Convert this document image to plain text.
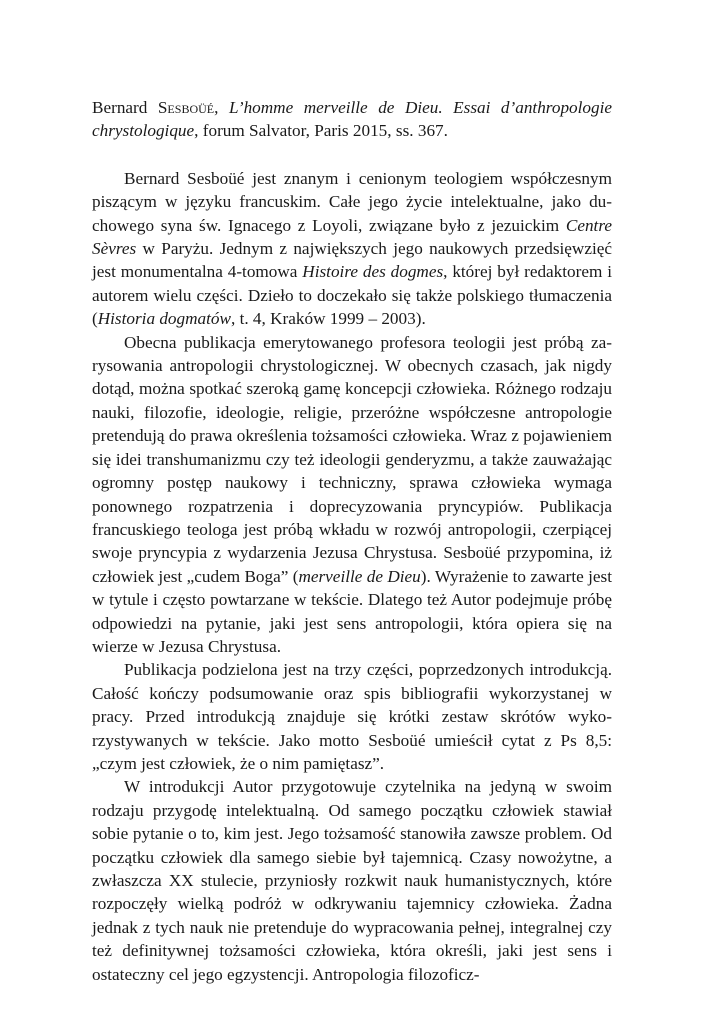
Bernard Sesboüé, L’homme merveille de Dieu. Essai d’anthropologie chrystologique, forum Salvator, Paris 2015, ss. 367.

Bernard Sesboüé jest znanym i cenionym teologiem współczesnym piszącym w języku francuskim. Całe jego życie intelektualne, jako duchowego syna św. Ignacego z Loyoli, związane było z jezuickim Centre Sèvres w Paryżu. Jednym z największych jego naukowych przedsięwzięć jest monumentalna 4-tomowa Histoire des dogmes, której był redaktorem i autorem wielu części. Dzieło to doczekało się także polskiego tłumaczenia (Historia dogmatów, t. 4, Kraków 1999 – 2003).

Obecna publikacja emerytowanego profesora teologii jest próbą zarysowania antropologii chrystologicznej. W obecnych czasach, jak nigdy dotąd, można spotkać szeroką gamę koncepcji człowieka. Różnego rodzaju nauki, filozofie, ideologie, religie, przeróżne współczesne antropologie pretendują do prawa określenia tożsamości człowieka. Wraz z pojawieniem się idei transhumanizmu czy też ideologii genderyzmu, a także zauważając ogromny postęp naukowy i techniczny, sprawa człowieka wymaga ponownego rozpatrzenia i doprecyzowania pryncypiów. Publikacja francuskiego teologa jest próbą wkładu w rozwój antropologii, czerpiącej swoje pryncypia z wydarzenia Jezusa Chrystusa. Sesboüé przypomina, iż człowiek jest „cudem Boga” (merveille de Dieu). Wyrażenie to zawarte jest w tytule i często powtarzane w tekście. Dlatego też Autor podejmuje próbę odpowiedzi na pytanie, jaki jest sens antropologii, która opiera się na wierze w Jezusa Chrystusa.

Publikacja podzielona jest na trzy części, poprzedzonych introdukcją. Całość kończy podsumowanie oraz spis bibliografii wykorzystanej w pracy. Przed introdukcją znajduje się krótki zestaw skrótów wykorzystywanych w tekście. Jako motto Sesboüé umieścił cytat z Ps 8,5: „czym jest człowiek, że o nim pamiętasz”.

W introdukcji Autor przygotowuje czytelnika na jedyną w swoim rodzaju przygodę intelektualną. Od samego początku człowiek stawiał sobie pytanie o to, kim jest. Jego tożsamość stanowiła zawsze problem. Od początku człowiek dla samego siebie był tajemnicą. Czasy nowożytne, a zwłaszcza XX stulecie, przyniosły rozkwit nauk humanistycznych, które rozpoczęły wielką podróż w odkrywaniu tajemnicy człowieka. Żadna jednak z tych nauk nie pretenduje do wypracowania pełnej, integralnej czy też definitywnej tożsamości człowieka, która określi, jaki jest sens i ostateczny cel jego egzystencji. Antropologia filozoficz-
